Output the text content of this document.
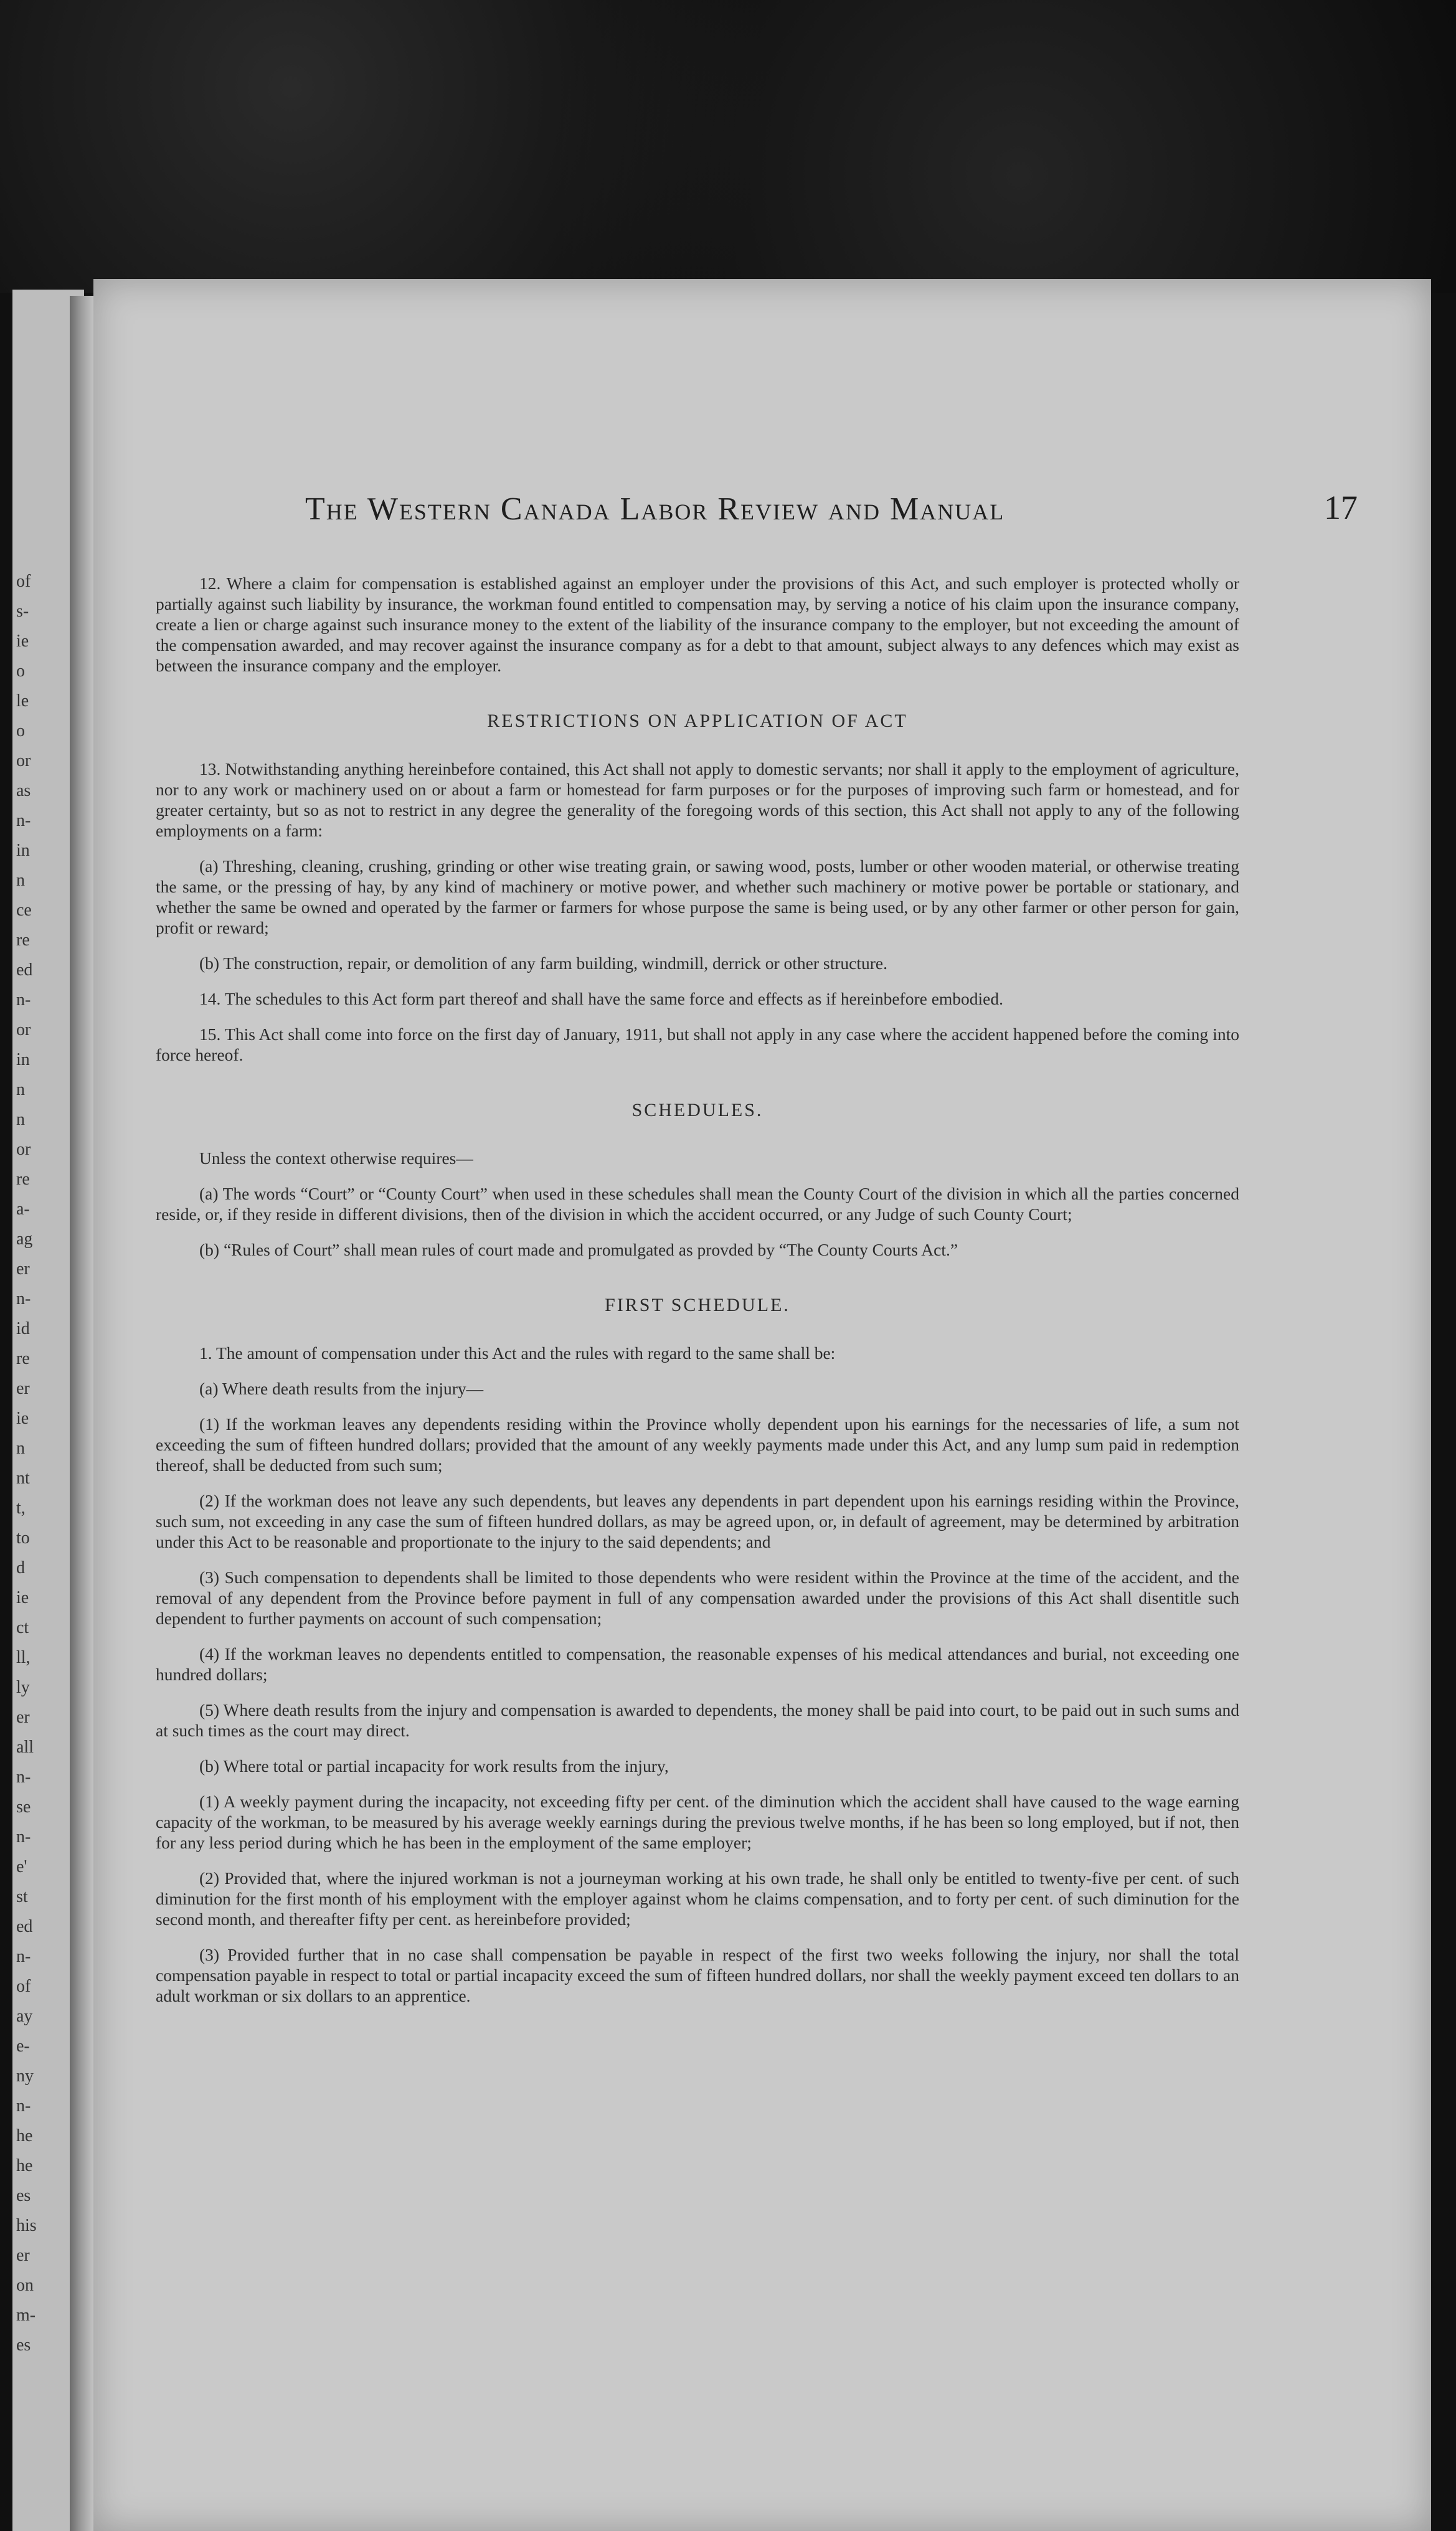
of
s-
ie
o
le
o
or
as
n-
in
n
ce
re
ed
n-
or
in
n
n
or
re
a-
ag
er
n-
id
re
er
ie
n
nt
t,
to
d
ie
ct
ll,
ly
er
all
n-
se
n-
e'
st
ed
n-
of
ay
e-
ny
n-
he
he
es
his
er
on
m-
es
The Western Canada Labor Review and Manual	17

12. Where a claim for compensation is established against an employer under the provisions of this Act, and such employer is protected wholly or partially against such liability by insurance, the workman found entitled to compensation may, by serving a notice of his claim upon the insurance company, create a lien or charge against such insurance money to the extent of the liability of the insurance company to the employer, but not exceeding the amount of the compensation awarded, and may recover against the insurance company as for a debt to that amount, subject always to any defences which may exist as between the insurance company and the employer.

RESTRICTIONS ON APPLICATION OF ACT

13. Notwithstanding anything hereinbefore contained, this Act shall not apply to domestic servants; nor shall it apply to the employment of agriculture, nor to any work or machinery used on or about a farm or homestead for farm purposes or for the purposes of improving such farm or homestead, and for greater certainty, but so as not to restrict in any degree the generality of the foregoing words of this section, this Act shall not apply to any of the following employments on a farm:

(a) Threshing, cleaning, crushing, grinding or other wise treating grain, or sawing wood, posts, lumber or other wooden material, or otherwise treating the same, or the pressing of hay, by any kind of machinery or motive power, and whether such machinery or motive power be portable or stationary, and whether the same be owned and operated by the farmer or farmers for whose purpose the same is being used, or by any other farmer or other person for gain, profit or reward;

(b) The construction, repair, or demolition of any farm building, windmill, derrick or other structure.

14. The schedules to this Act form part thereof and shall have the same force and effects as if hereinbefore embodied.

15. This Act shall come into force on the first day of January, 1911, but shall not apply in any case where the accident happened before the coming into force hereof.

SCHEDULES.

Unless the context otherwise requires—

(a) The words “Court” or “County Court” when used in these schedules shall mean the County Court of the division in which all the parties concerned reside, or, if they reside in different divisions, then of the division in which the accident occurred, or any Judge of such County Court;

(b) “Rules of Court” shall mean rules of court made and promulgated as provded by “The County Courts Act.”

FIRST SCHEDULE.

1. The amount of compensation under this Act and the rules with regard to the same shall be:

(a) Where death results from the injury—

(1) If the workman leaves any dependents residing within the Province wholly dependent upon his earnings for the necessaries of life, a sum not exceeding the sum of fifteen hundred dollars; provided that the amount of any weekly payments made under this Act, and any lump sum paid in redemption thereof, shall be deducted from such sum;

(2) If the workman does not leave any such dependents, but leaves any dependents in part dependent upon his earnings residing within the Province, such sum, not exceeding in any case the sum of fifteen hundred dollars, as may be agreed upon, or, in default of agreement, may be determined by arbitration under this Act to be reasonable and proportionate to the injury to the said dependents; and

(3) Such compensation to dependents shall be limited to those dependents who were resident within the Province at the time of the accident, and the removal of any dependent from the Province before payment in full of any compensation awarded under the provisions of this Act shall disentitle such dependent to further payments on account of such compensation;

(4) If the workman leaves no dependents entitled to compensation, the reasonable expenses of his medical attendances and burial, not exceeding one hundred dollars;

(5) Where death results from the injury and compensation is awarded to dependents, the money shall be paid into court, to be paid out in such sums and at such times as the court may direct.

(b) Where total or partial incapacity for work results from the injury,

(1) A weekly payment during the incapacity, not exceeding fifty per cent. of the diminution which the accident shall have caused to the wage earning capacity of the workman, to be measured by his average weekly earnings during the previous twelve months, if he has been so long employed, but if not, then for any less period during which he has been in the employment of the same employer;

(2) Provided that, where the injured workman is not a journeyman working at his own trade, he shall only be entitled to twenty-five per cent. of such diminution for the first month of his employment with the employer against whom he claims compensation, and to forty per cent. of such diminution for the second month, and thereafter fifty per cent. as hereinbefore provided;

(3) Provided further that in no case shall compensation be payable in respect of the first two weeks following the injury, nor shall the total compensation payable in respect to total or partial incapacity exceed the sum of fifteen hundred dollars, nor shall the weekly payment exceed ten dollars to an adult workman or six dollars to an apprentice.
